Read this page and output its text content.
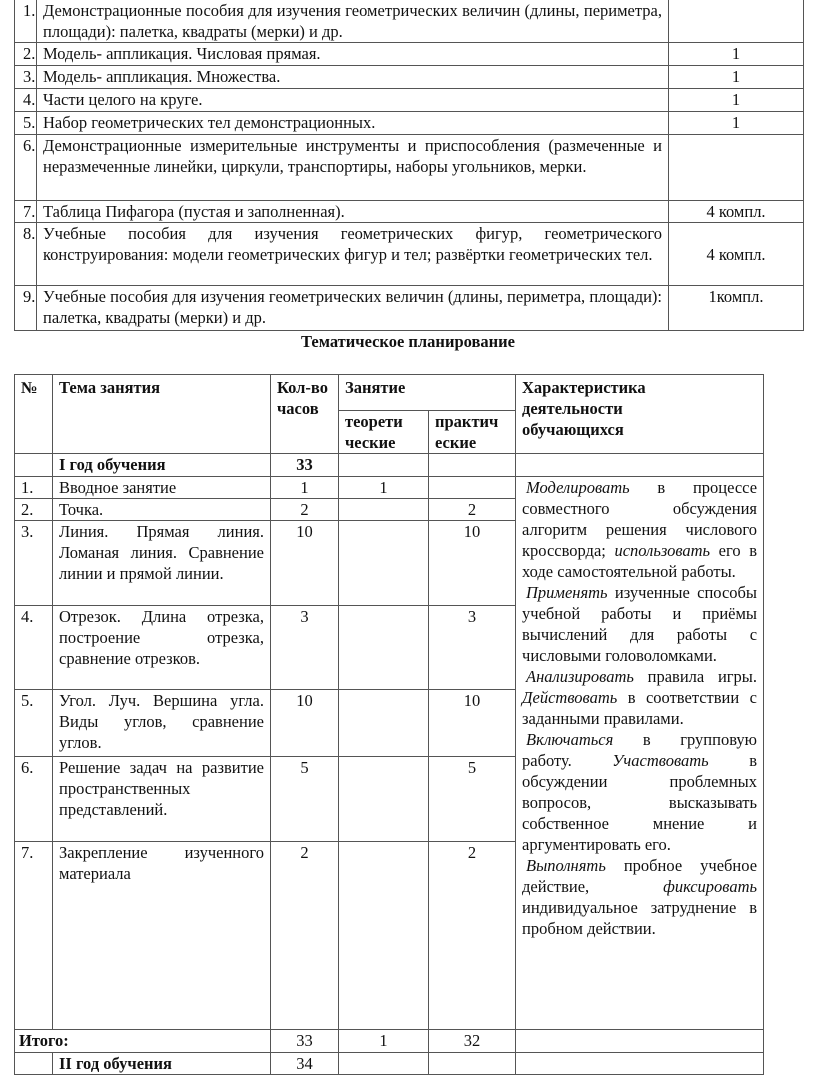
1.	Демонстрационные пособия для изучения геометрических величин (длины, периметра, площади): палетка, квадраты (мерки) и др.	
2.	Модель- аппликация. Числовая прямая.	1
3.	Модель- аппликация. Множества.	1
4.	Части целого на круге.	1
5.	Набор геометрических тел демонстрационных.	1
6.	Демонстрационные измерительные инструменты и приспособления (размеченные и неразмеченные линейки, циркули, транспортиры, наборы угольников, мерки.	
7.	Таблица Пифагора (пустая и заполненная).	4 компл.
8.	Учебные пособия для изучения геометрических фигур, геометрического конструирования: модели геометрических фигур и тел; развёртки геометрических тел.	4 компл.
9.	Учебные пособия для изучения геометрических величин (длины, периметра, площади): палетка, квадраты (мерки) и др.	1компл.
Тематическое планирование
№	Тема занятия	Кол-во часов	Занятие		Характеристика деятельности обучающихся
			теорети ческие	практич еские	
	I год обучения	33			
1.	Вводное занятие	1	1		Моделировать в процессе совместного обсуждения алгоритм решения числового кроссворда; использовать его в ходе самостоятельной работы.

Применять изученные способы учебной работы и приёмы вычислений для работы с числовыми головоломками.

Анализировать правила игры. Действовать в соответствии с заданными правилами.

Включаться в групповую работу. Участвовать в обсуждении проблемных вопросов, высказывать собственное мнение и аргументировать его.

Выполнять пробное учебное действие, фиксировать индивидуальное затруднение в пробном действии.

2.	Точка.	2		2	
3.	Линия. Прямая линия. Ломаная линия. Сравнение линии и прямой линии.	10		10	
4.	Отрезок. Длина отрезка, построение отрезка, сравнение отрезков.	3		3	
5.	Угол. Луч. Вершина угла. Виды углов, сравнение углов.	10		10	
6.	Решение задач на развитие пространственных представлений.	5		5	
7.	Закрепление изученного материала	2		2	
Итого:		33	1	32	
	II год обучения	34			
